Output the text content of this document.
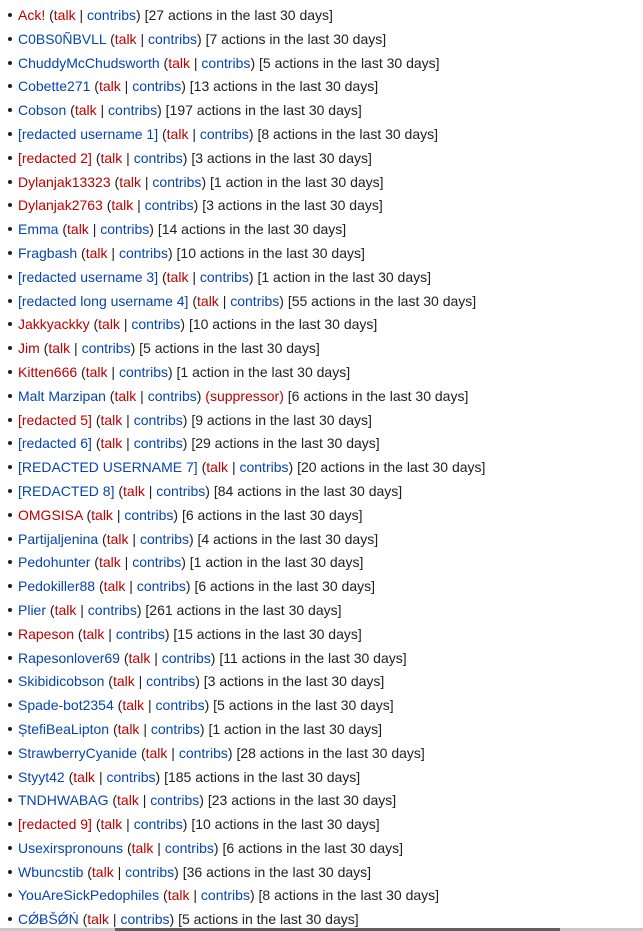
Ack! (talk | contribs) [27 actions in the last 30 days]
C0BS0ÑBVLL (talk | contribs) [7 actions in the last 30 days]
ChuddyMcChudsworth (talk | contribs) [5 actions in the last 30 days]
Cobette271 (talk | contribs) [13 actions in the last 30 days]
Cobson (talk | contribs) [197 actions in the last 30 days]
[redacted username 1] (talk | contribs) [8 actions in the last 30 days]
[redacted 2] (talk | contribs) [3 actions in the last 30 days]
Dylanjak13323 (talk | contribs) [1 action in the last 30 days]
Dylanjak2763 (talk | contribs) [3 actions in the last 30 days]
Emma (talk | contribs) [14 actions in the last 30 days]
Fragbash (talk | contribs) [10 actions in the last 30 days]
[redacted username 3] (talk | contribs) [1 action in the last 30 days]
[redacted long username 4] (talk | contribs) [55 actions in the last 30 days]
Jakkyackky (talk | contribs) [10 actions in the last 30 days]
Jim (talk | contribs) [5 actions in the last 30 days]
Kitten666 (talk | contribs) [1 action in the last 30 days]
Malt Marzipan (talk | contribs) (suppressor) [6 actions in the last 30 days]
[redacted 5] (talk | contribs) [9 actions in the last 30 days]
[redacted 6] (talk | contribs) [29 actions in the last 30 days]
[REDACTED USERNAME 7] (talk | contribs) [20 actions in the last 30 days]
[REDACTED 8] (talk | contribs) [84 actions in the last 30 days]
OMGSISA (talk | contribs) [6 actions in the last 30 days]
Partijaljenina (talk | contribs) [4 actions in the last 30 days]
Pedohunter (talk | contribs) [1 action in the last 30 days]
Pedokiller88 (talk | contribs) [6 actions in the last 30 days]
Plier (talk | contribs) [261 actions in the last 30 days]
Rapeson (talk | contribs) [15 actions in the last 30 days]
Rapesonlover69 (talk | contribs) [11 actions in the last 30 days]
Skibidicobson (talk | contribs) [3 actions in the last 30 days]
Spade-bot2354 (talk | contribs) [5 actions in the last 30 days]
ȘtefiBeaLipton (talk | contribs) [1 action in the last 30 days]
StrawberryCyanide (talk | contribs) [28 actions in the last 30 days]
Styyt42 (talk | contribs) [185 actions in the last 30 days]
TNDHWABAG (talk | contribs) [23 actions in the last 30 days]
[redacted 9] (talk | contribs) [10 actions in the last 30 days]
Usexirspronouns (talk | contribs) [6 actions in the last 30 days]
Wbuncstib (talk | contribs) [36 actions in the last 30 days]
YouAreSickPedophiles (talk | contribs) [8 actions in the last 30 days]
CǾɃŠǾŃ (talk | contribs) [5 actions in the last 30 days]
